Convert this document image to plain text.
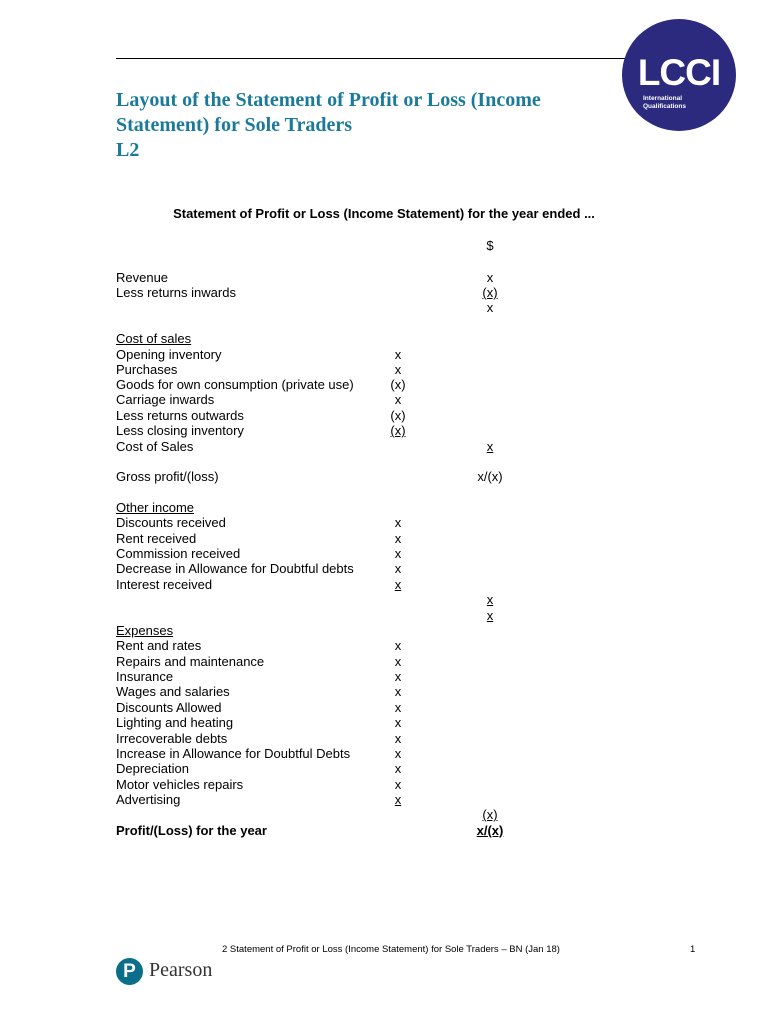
LCCI
International
Qualifications
Layout of the Statement of Profit or Loss (Income
Statement) for Sole Traders
L2
Statement of Profit or Loss (Income Statement) for the year ended ...
$
Revenue	x
Less returns inwards	(x)
x
Cost of sales
Opening inventory	x
Purchases	x
Goods for own consumption (private use)	(x)
Carriage inwards	x
Less returns outwards	(x)
Less closing inventory	(x)
Cost of Sales	x
Gross profit/(loss)	x/(x)
Other income
Discounts received	x
Rent received	x
Commission received	x
Decrease in Allowance for Doubtful debts	x
Interest received	x
x
x
Expenses
Rent and rates	x
Repairs and maintenance	x
Insurance	x
Wages and salaries	x
Discounts Allowed	x
Lighting and heating	x
Irrecoverable debts	x
Increase in Allowance for Doubtful Debts	x
Depreciation	x
Motor vehicles repairs	x
Advertising	x
(x)
Profit/(Loss) for the year	x/(x)
2 Statement of Profit or Loss (Income Statement) for Sole Traders – BN (Jan 18)	1
P Pearson
